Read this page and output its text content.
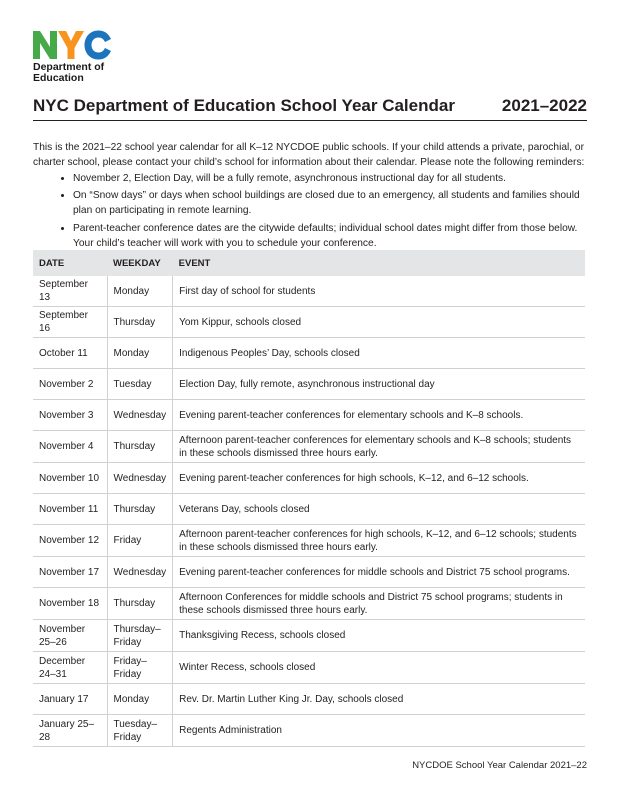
Department of
Education
NYC Department of Education School Year Calendar	2021–2022

This is the 2021–22 school year calendar for all K–12 NYCDOE public schools. If your child attends a private, parochial, or charter school, please contact your child’s school for information about their calendar. Please note the following reminders:

• November 2, Election Day, will be a fully remote, asynchronous instructional day for all students.
• On “Snow days” or days when school buildings are closed due to an emergency, all students and families should plan on participating in remote learning.
• Parent-teacher conference dates are the citywide defaults; individual school dates might differ from those below. Your child’s teacher will work with you to schedule your conference.
DATE	WEEKDAY	EVENT
September 13	Monday	First day of school for students
September 16	Thursday	Yom Kippur, schools closed
October 11	Monday	Indigenous Peoples’ Day, schools closed
November 2	Tuesday	Election Day, fully remote, asynchronous instructional day
November 3	Wednesday	Evening parent-teacher conferences for elementary schools and K–8 schools.
November 4	Thursday	Afternoon parent-teacher conferences for elementary schools and K–8 schools; students in these schools dismissed three hours early.
November 10	Wednesday	Evening parent-teacher conferences for high schools, K–12, and 6–12 schools.
November 11	Thursday	Veterans Day, schools closed
November 12	Friday	Afternoon parent-teacher conferences for high schools, K–12, and 6–12 schools; students in these schools dismissed three hours early.
November 17	Wednesday	Evening parent-teacher conferences for middle schools and District 75 school programs.
November 18	Thursday	Afternoon Conferences for middle schools and District 75 school programs; students in these schools dismissed three hours early.
November 25–26	Thursday–Friday	Thanksgiving Recess, schools closed
December 24–31	Friday–Friday	Winter Recess, schools closed
January 17	Monday	Rev. Dr. Martin Luther King Jr. Day, schools closed
January 25–28	Tuesday–Friday	Regents Administration
NYCDOE School Year Calendar 2021–22
